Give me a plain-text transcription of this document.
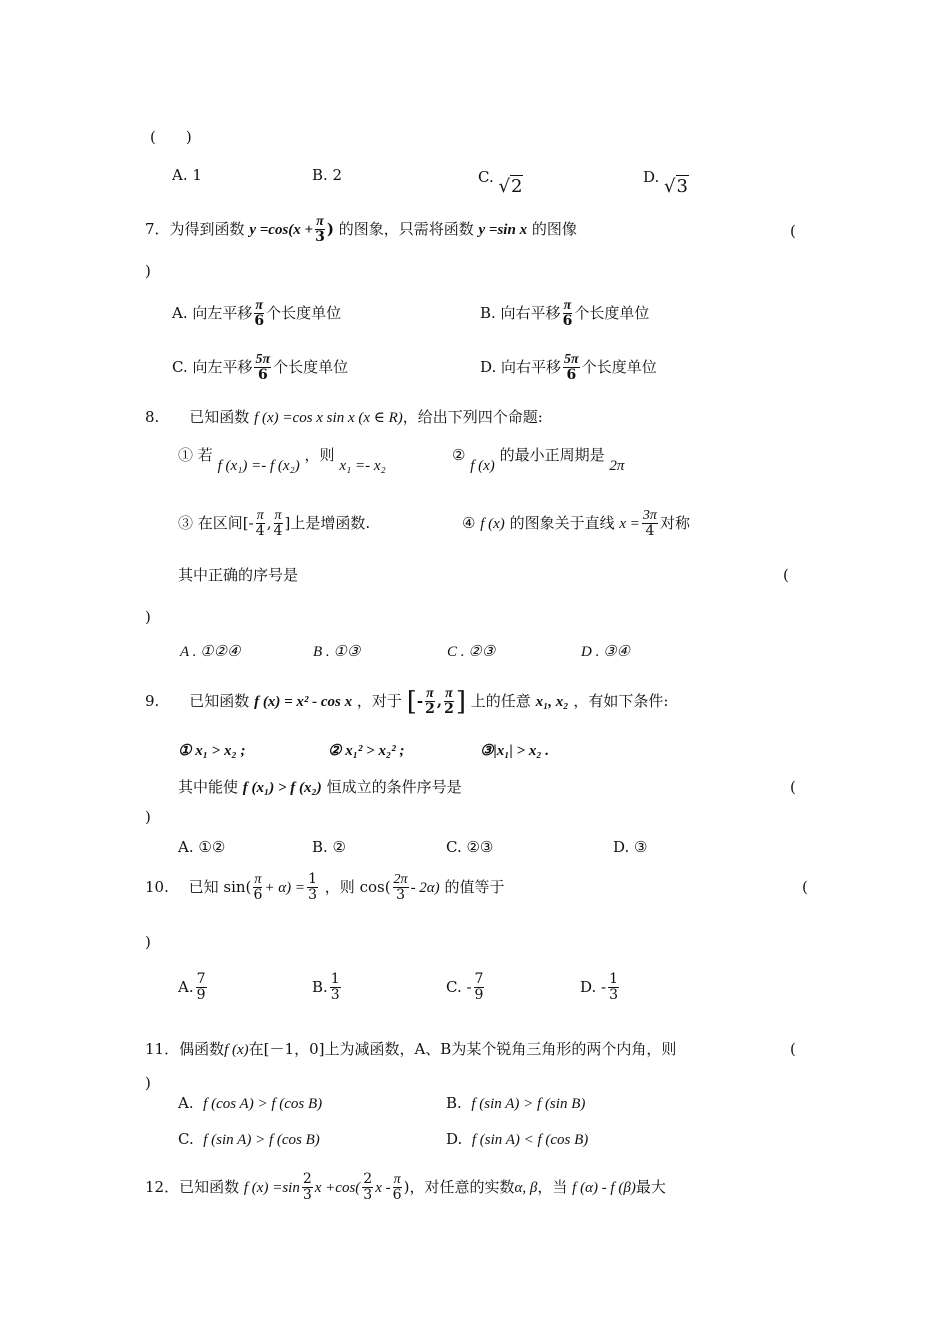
(　　)
A. 1	B. 2	C. √2	D. √3
7．为得到函数 $y =\cos(x + \frac{\pi}{3}$ ) 的图象，只需将函数 y =sin x 的图像	(
)
A. 向左平移 $\frac{\pi}{6}$ 个长度单位	B. 向右平移 $\frac{\pi}{6}$ 个长度单位
C. 向左平移 $\frac{5\pi}{6}$ 个长度单位	D. 向右平移 $\frac{5\pi}{6}$ 个长度单位
8.　　已知函数 f (x) =cos x sin x (x ∈ R)，给出下列四个命题:
① 若 f (x₁) =- f (x₂) ，则 x₁ =- x₂
② f (x) 的最小正周期是 2π
③ 在区间[- $\frac{\pi}{4}$ , $\frac{\pi}{4}$ ]上是增函数.	④ f (x) 的图象关于直线 $x = \frac{3\pi}{4}$ 对称
其中正确的序号是	(
)
A . ①②④	B . ①③	C . ②③	D . ③④
9.　　已知函数 f (x) = x² - cos x ，对于 [- $\frac{\pi}{2}$ , $\frac{\pi}{2}$ ] 上的任意 x₁, x₂ ，有如下条件:
① x₁ > x₂ ;	② x₁² > x₂² ;	③|x₁| > x₂ .
其中能使 f (x₁) > f (x₂) 恒成立的条件序号是	(
)
A. ①②	B. ②	C. ②③	D. ③
10.　 已知 $\sin( \frac{\pi}{6} + \alpha) = \frac{1}{3}$ ，则 $\cos( \frac{2\pi}{3} - 2\alpha)$ 的值等于	(
)
A. $\frac{7}{9}$	B. $\frac{1}{3}$	C. - $\frac{7}{9}$	D. - $\frac{1}{3}$
11．偶函数f (x)在[－1，0]上为减函数，A、B为某个锐角三角形的两个内角，则	(
)
A. f (cos A) > f (cos B)	B. f (sin A) > f (sin B)
C. f (sin A) > f (cos B)	D. f (sin A) < f (cos B)
12．已知函数 f $(x) =\sin \frac{2}{3}$ $x +\cos( \frac{2}{3}$ x - $\frac{\pi}{6}$ )，对任意的实数α, β，当 f (α) - f (β)最大
